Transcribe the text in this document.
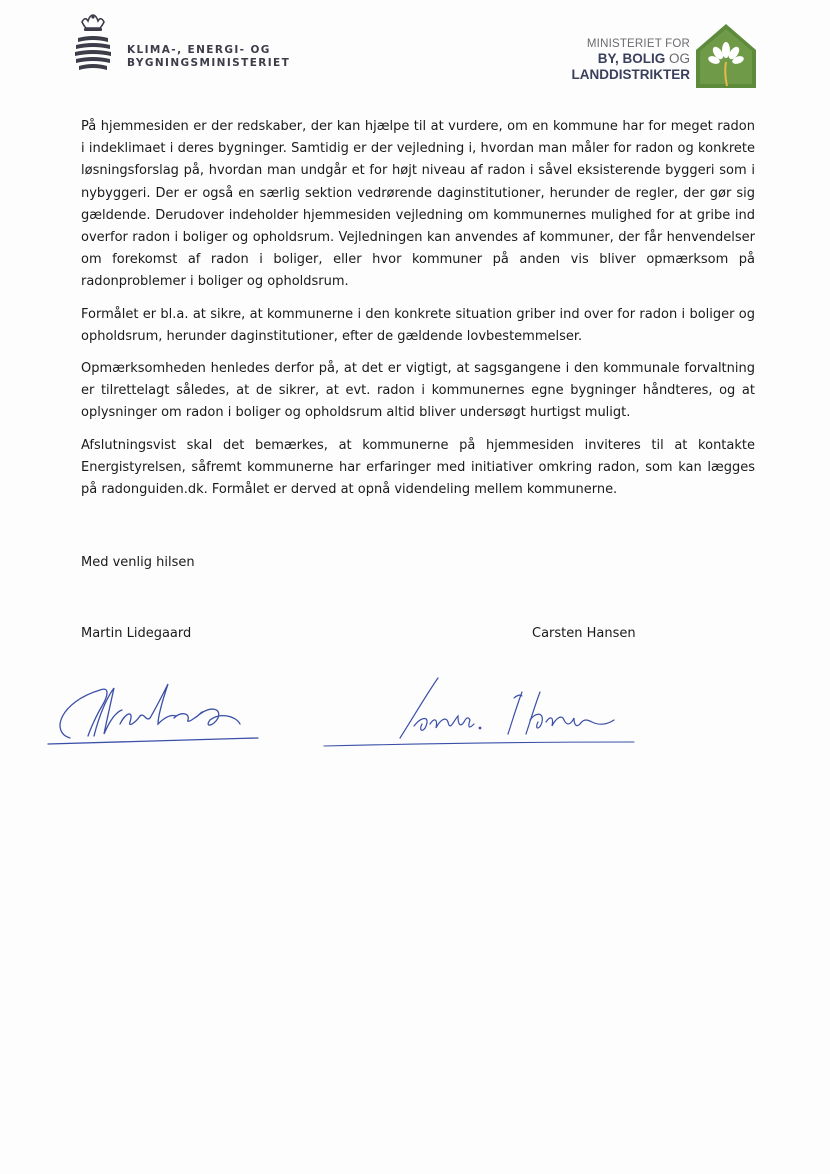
KLIMA-, ENERGI- OG
BYGNINGSMINISTERIET
MINISTERIET FOR
BY, BOLIG OG
LANDDISTRIKTER

På hjemmesiden er der redskaber, der kan hjælpe til at vurdere, om en kommune har for meget radon i indeklimaet i deres bygninger. Samtidig er der vejledning i, hvordan man måler for radon og konkrete løsningsforslag på, hvordan man undgår et for højt niveau af radon i såvel eksisterende byggeri som i nybyggeri. Der er også en særlig sektion vedrørende daginstitutioner, herunder de regler, der gør sig gældende. Derudover indeholder hjemmesiden vejledning om kommunernes mulighed for at gribe ind overfor radon i boliger og opholdsrum. Vejledningen kan anvendes af kommuner, der får henvendelser om forekomst af radon i boliger, eller hvor kommuner på anden vis bliver opmærksom på radonproblemer i boliger og opholdsrum.

Formålet er bl.a. at sikre, at kommunerne i den konkrete situation griber ind over for radon i boliger og opholdsrum, herunder daginstitutioner, efter de gældende lovbestemmelser.

Opmærksomheden henledes derfor på, at det er vigtigt, at sagsgangene i den kommunale forvaltning er tilrettelagt således, at de sikrer, at evt. radon i kommunernes egne bygninger håndteres, og at oplysninger om radon i boliger og opholdsrum altid bliver undersøgt hurtigst muligt.

Afslutningsvist skal det bemærkes, at kommunerne på hjemmesiden inviteres til at kontakte Energistyrelsen, såfremt kommunerne har erfaringer med initiativer omkring radon, som kan lægges på radonguiden.dk. Formålet er derved at opnå videndeling mellem kommunerne.

Med venlig hilsen
Martin Lidegaard	Carsten Hansen
